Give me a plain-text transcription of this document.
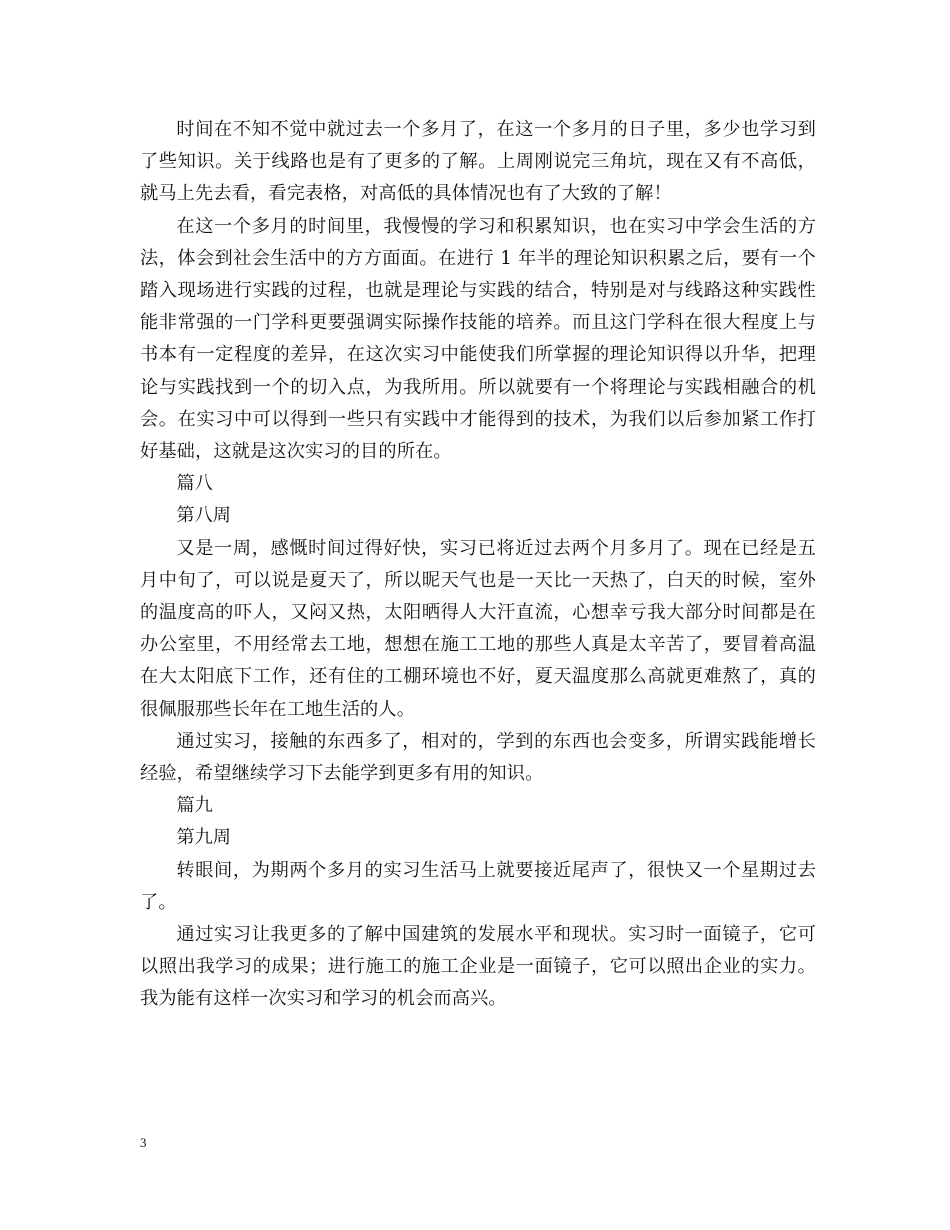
时间在不知不觉中就过去一个多月了，在这一个多月的日子里，多少也学习到了些知识。关于线路也是有了更多的了解。上周刚说完三角坑，现在又有不高低，就马上先去看，看完表格，对高低的具体情况也有了大致的了解！

在这一个多月的时间里，我慢慢的学习和积累知识，也在实习中学会生活的方法，体会到社会生活中的方方面面。在进行 1 年半的理论知识积累之后，要有一个踏入现场进行实践的过程，也就是理论与实践的结合，特别是对与线路这种实践性能非常强的一门学科更要强调实际操作技能的培养。而且这门学科在很大程度上与书本有一定程度的差异，在这次实习中能使我们所掌握的理论知识得以升华，把理论与实践找到一个的切入点，为我所用。所以就要有一个将理论与实践相融合的机会。在实习中可以得到一些只有实践中才能得到的技术，为我们以后参加紧工作打好基础，这就是这次实习的目的所在。

篇八

第八周

又是一周，感慨时间过得好快，实习已将近过去两个月多月了。现在已经是五月中旬了，可以说是夏天了，所以昵天气也是一天比一天热了，白天的时候，室外的温度高的吓人，又闷又热，太阳晒得人大汗直流，心想幸亏我大部分时间都是在办公室里，不用经常去工地，想想在施工工地的那些人真是太辛苦了，要冒着高温在大太阳底下工作，还有住的工棚环境也不好，夏天温度那么高就更难熬了，真的很佩服那些长年在工地生活的人。

通过实习，接触的东西多了，相对的，学到的东西也会变多，所谓实践能增长经验，希望继续学习下去能学到更多有用的知识。

篇九

第九周

转眼间，为期两个多月的实习生活马上就要接近尾声了，很快又一个星期过去了。

通过实习让我更多的了解中国建筑的发展水平和现状。实习时一面镜子，它可以照出我学习的成果；进行施工的施工企业是一面镜子，它可以照出企业的实力。我为能有这样一次实习和学习的机会而高兴。

3
